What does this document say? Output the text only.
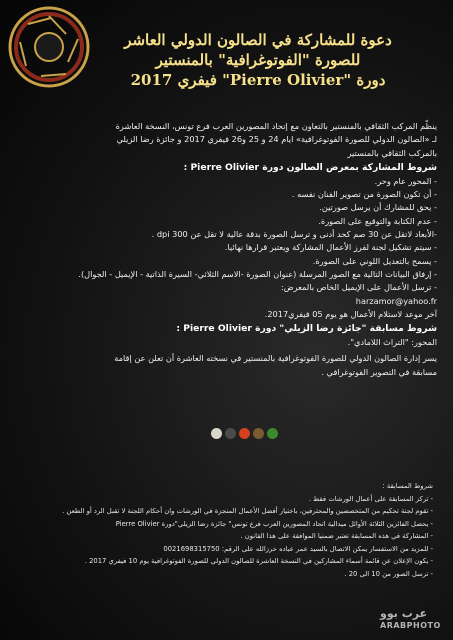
دعوة للمشاركة في الصالون الدولي العاشر
للصورة "الفوتوغرافية" بالمنستير
دورة "Pierre Olivier" فيفري 2017

ينظّم المركب الثقافي بالمنستير بالتعاون مع إتحاد المصورين العرب فرع تونس، النسخة العاشرة

لـ «الصالون الدولي للصورة الفوتوغرافية» ايام 24 و 25 و26 فيفري 2017 و جائزة رضا الزيلي

بالمركب الثقافي بالمنستير

شروط المشاركة بمعرض الصالون دورة Pierre Olivier :

- المحور عام وحر.

- أن تكون الصورة من تصوير الفنان نفسه .

- يحق للمشارك أن يرسل صورتين.

- عدم الكتابة والتوقيع على الصورة.

-الأبعاد لاتقل عن 30 صم كحد أدنى و ترسل الصورة بدقة عالية لا تقل عن dpi 300 .

- سيتم تشكيل لجنة لفرز الأعمال المشاركة ويعتبر قرارها نهائيا.

- يسمح بالتعديل اللوني على الصورة.

- إرفاق البيانات التالية مع الصور المرسلة (عنوان الصورة -الاسم الثلاثي- السيرة الذاتية - الإيميل - الجوال).

- ترسل الأعمال على الإيميل الخاص بالمعرض:

harzamor@yahoo.fr

آخر موعد لاستلام الأعمال هو يوم 05 فيفري2017.

شروط مسابقة "جائزة رضا الزيلي" دورة Pierre Olivier :

المحور: "التراث اللامادي".

يسر إدارة الصالون الدولي للصورة الفوتوغرافية بالمنستير في نسخته العاشرة أن تعلن عن إقامة

مسابقة في التصوير الفوتوغرافي .

شروط المسابقة :

- تركز المسابقة على أعمال الورشات فقط .

- تقوم لجنة تحكيم من المتخصصين والمحترفين، باختيار أفضل الأعمال المنجزة في الورشات وان أحكام اللجنة لا تقبل الرد أو الطعن .

- يحصل الفائزين الثلاثة الأوائل ميدالية اتحاد المصورين العرب فرع تونس" جائزة رضا الزيلي"دورة Pierre Olivier

- المشاركة في هذه المسابقة تعتبر ضمنيا الموافقة على هذا القانون .

- للمزيد من الاستفسار يمكن الاتصال بالسيد عمر عباده حرزالله على الرقم: 0021698315750

- يكون الإعلان عن قائمة أسماء المشاركين في النسخة العاشرة للصالون الدولي للصورة الفوتوغرافية يوم 10 فيفري 2017 .

- ترسل الصور من 10 الى 20 .

عرب بوو
ARABPHOTO
